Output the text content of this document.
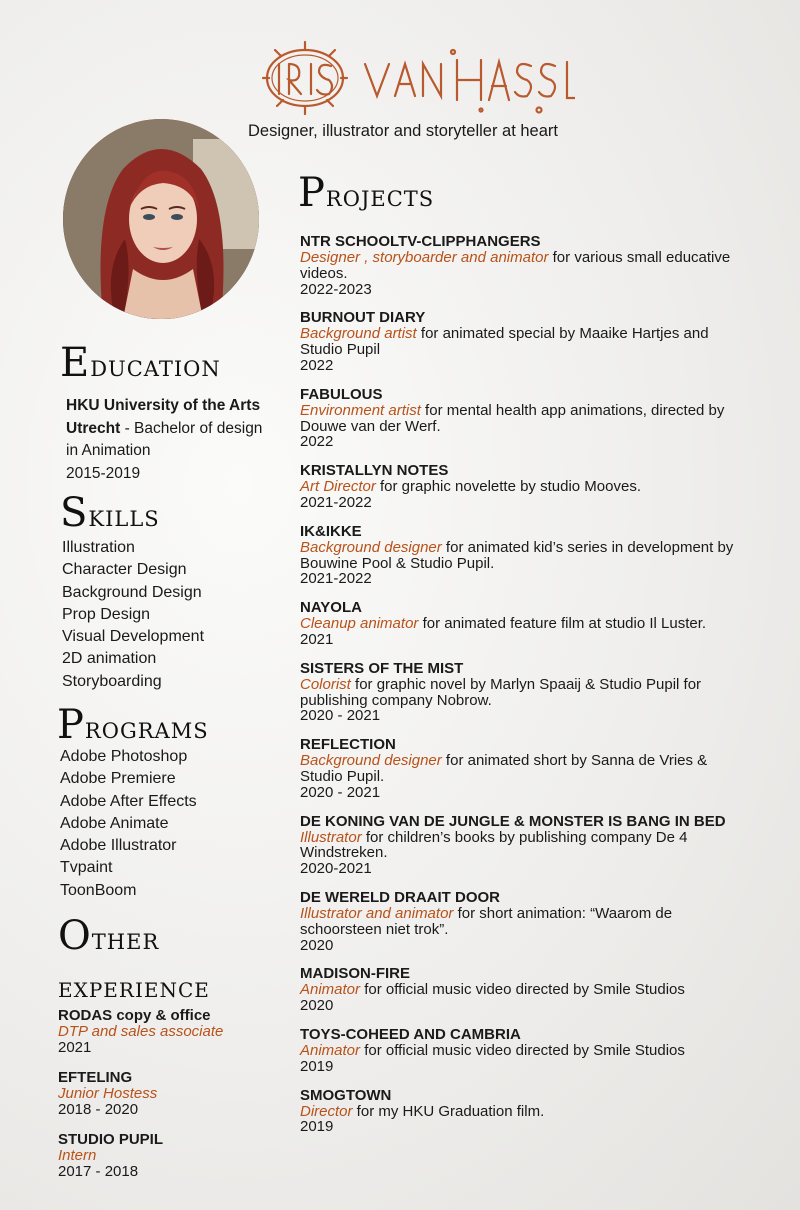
Designer, illustrator and storyteller at heart
Education
HKU University of the Arts
Utrecht - Bachelor of design
in Animation
2015-2019
Skills
Illustration
Character Design
Background Design
Prop Design
Visual Development
2D animation
Storyboarding
Programs
Adobe Photoshop
Adobe Premiere
Adobe After Effects
Adobe Animate
Adobe Illustrator
Tvpaint
ToonBoom
Other
experience
RODAS copy & office
DTP and sales associate
2021
EFTELING
Junior Hostess
2018 - 2020
STUDIO PUPIL
Intern
2017 - 2018
Projects
NTR SCHOOLTV-CLIPPHANGERS
Designer , storyboarder and animator for various small educative videos.
2022-2023
BURNOUT DIARY
Background artist for animated special by Maaike Hartjes and Studio Pupil
2022
FABULOUS
Environment artist for mental health app animations, directed by Douwe van der Werf.
2022
KRISTALLYN NOTES
Art Director for graphic novelette by studio Mooves.
2021-2022
IK&IKKE
Background designer for animated kid’s series in development by Bouwine Pool & Studio Pupil.
2021-2022
NAYOLA
Cleanup animator for animated feature film at studio Il Luster.
2021
SISTERS OF THE MIST
Colorist for graphic novel by Marlyn Spaaij & Studio Pupil for publishing company Nobrow.
2020 - 2021
REFLECTION
Background designer for animated short by Sanna de Vries & Studio Pupil.
2020 - 2021
DE KONING VAN DE JUNGLE & MONSTER IS BANG IN BED
Illustrator for children’s books by publishing company De 4 Windstreken.
2020-2021
DE WERELD DRAAIT DOOR
Illustrator and animator for short animation: “Waarom de schoorsteen niet trok”.
2020
MADISON-FIRE
Animator for official music video directed by Smile Studios
2020
TOYS-COHEED AND CAMBRIA
Animator for official music video directed by Smile Studios
2019
SMOGTOWN
Director for my HKU Graduation film.
2019
